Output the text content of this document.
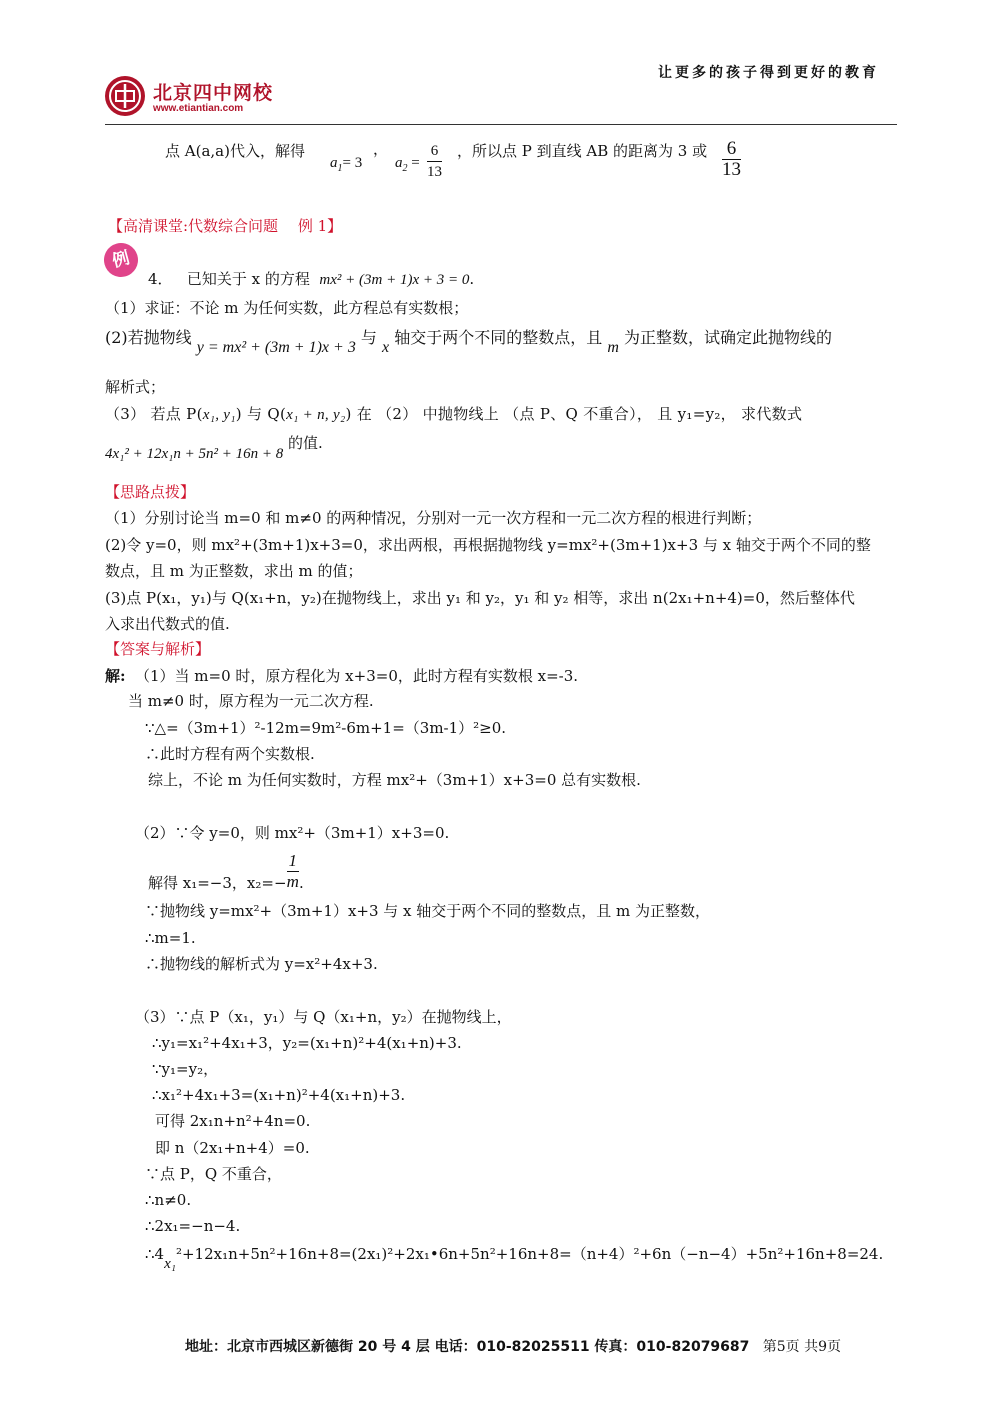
北京四中网校
www.etiantian.com
让更多的孩子得到更好的教育
点 A(a,a)代入，解得
$a_1= 3$
，
$a_2 = \frac{6}{13}$ ，所以点 P 到直线 AB 的距离为 3 或 $\frac{6}{13}$
【高清课堂:代数综合问题　 例 1】
例
4． 已知关于 x 的方程 mx² + (3m + 1)x + 3 = 0.
（1）求证：不论 m 为任何实数，此方程总有实数根；
(2)若抛物线 y = mx² + (3m + 1)x + 3 与 x 轴交于两个不同的整数点，且 m 为正整数，试确定此抛物线的
解析式；
（3） 若点 P(x₁, y₁) 与 Q(x₁ + n, y₂) 在 （2） 中抛物线上 （点 P、Q 不重合）， 且 y₁=y₂， 求代数式
4x₁² + 12x₁n + 5n² + 16n + 8 的值.
【思路点拨】
（1）分别讨论当 m=0 和 m≠0 的两种情况，分别对一元一次方程和一元二次方程的根进行判断；
(2)令 y=0，则 mx²+(3m+1)x+3=0，求出两根，再根据抛物线 y=mx²+(3m+1)x+3 与 x 轴交于两个不同的整
数点，且 m 为正整数，求出 m 的值；
(3)点 P(x₁，y₁)与 Q(x₁+n，y₂)在抛物线上，求出 y₁ 和 y₂，y₁ 和 y₂ 相等，求出 n(2x₁+n+4)=0，然后整体代
入求出代数式的值.
【答案与解析】
解: （1）当 m=0 时，原方程化为 x+3=0，此时方程有实数根 x=-3.
当 m≠0 时，原方程为一元二次方程.
∵△=（3m+1）²-12m=9m²-6m+1=（3m-1）²≥0.
∴此时方程有两个实数根.
综上，不论 m 为任何实数时，方程 mx²+（3m+1）x+3=0 总有实数根.
（2）∵令 y=0，则 mx²+（3m+1）x+3=0.
解得 x₁=−3，$x_2=- \frac{1}{m}$ .
∵抛物线 y=mx²+（3m+1）x+3 与 x 轴交于两个不同的整数点，且 m 为正整数，
∴m=1.
∴抛物线的解析式为 y=x²+4x+3.
（3）∵点 P（x₁，y₁）与 Q（x₁+n，y₂）在抛物线上，
∴y₁=x₁²+4x₁+3，y₂=(x₁+n)²+4(x₁+n)+3.
∵y₁=y₂，
∴x₁²+4x₁+3=(x₁+n)²+4(x₁+n)+3.
可得 2x₁n+n²+4n=0.
即 n（2x₁+n+4）=0.
∵点 P，Q 不重合，
∴n≠0.
∴2x₁=−n−4.
∴4x₁²+12x₁n+5n²+16n+8=(2x₁)²+2x₁•6n+5n²+16n+8=（n+4）²+6n（−n−4）+5n²+16n+8=24.
地址：北京市西城区新德街 20 号 4 层 电话：010-82025511 传真：010-82079687 第5页 共9页
